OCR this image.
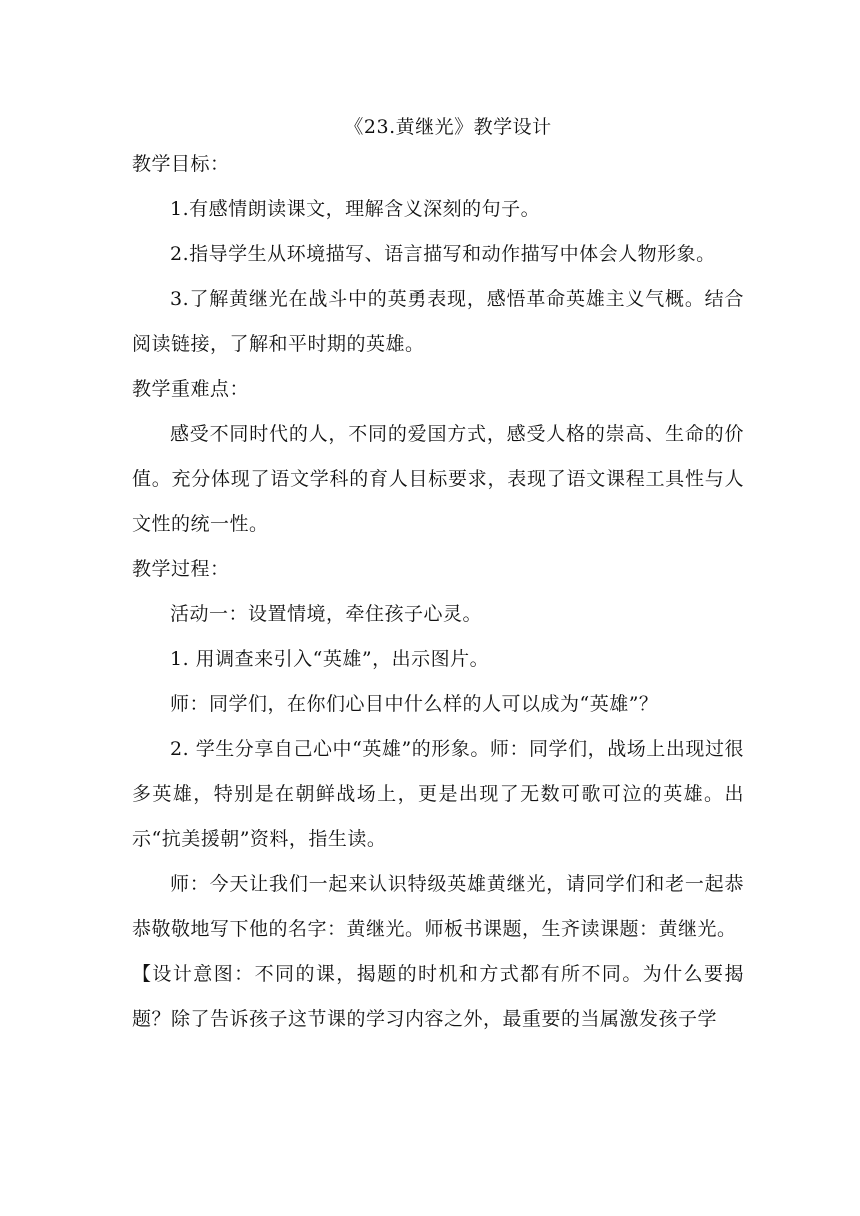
《23.黄继光》教学设计

教学目标：

1.有感情朗读课文，理解含义深刻的句子。

2.指导学生从环境描写、语言描写和动作描写中体会人物形象。

3.了解黄继光在战斗中的英勇表现，感悟革命英雄主义气概。结合阅读链接，了解和平时期的英雄。

教学重难点：

感受不同时代的人，不同的爱国方式，感受人格的崇高、生命的价值。充分体现了语文学科的育人目标要求，表现了语文课程工具性与人文性的统一性。

教学过程：

活动一：设置情境，牵住孩子心灵。

1. 用调查来引入“英雄”，出示图片。

师：同学们，在你们心目中什么样的人可以成为“英雄”？

2. 学生分享自己心中“英雄”的形象。师：同学们，战场上出现过很多英雄，特别是在朝鲜战场上，更是出现了无数可歌可泣的英雄。出示“抗美援朝”资料，指生读。

师：今天让我们一起来认识特级英雄黄继光，请同学们和老一起恭恭敬敬地写下他的名字：黄继光。师板书课题，生齐读课题：黄继光。

【设计意图：不同的课，揭题的时机和方式都有所不同。为什么要揭题？除了告诉孩子这节课的学习内容之外，最重要的当属激发孩子学
